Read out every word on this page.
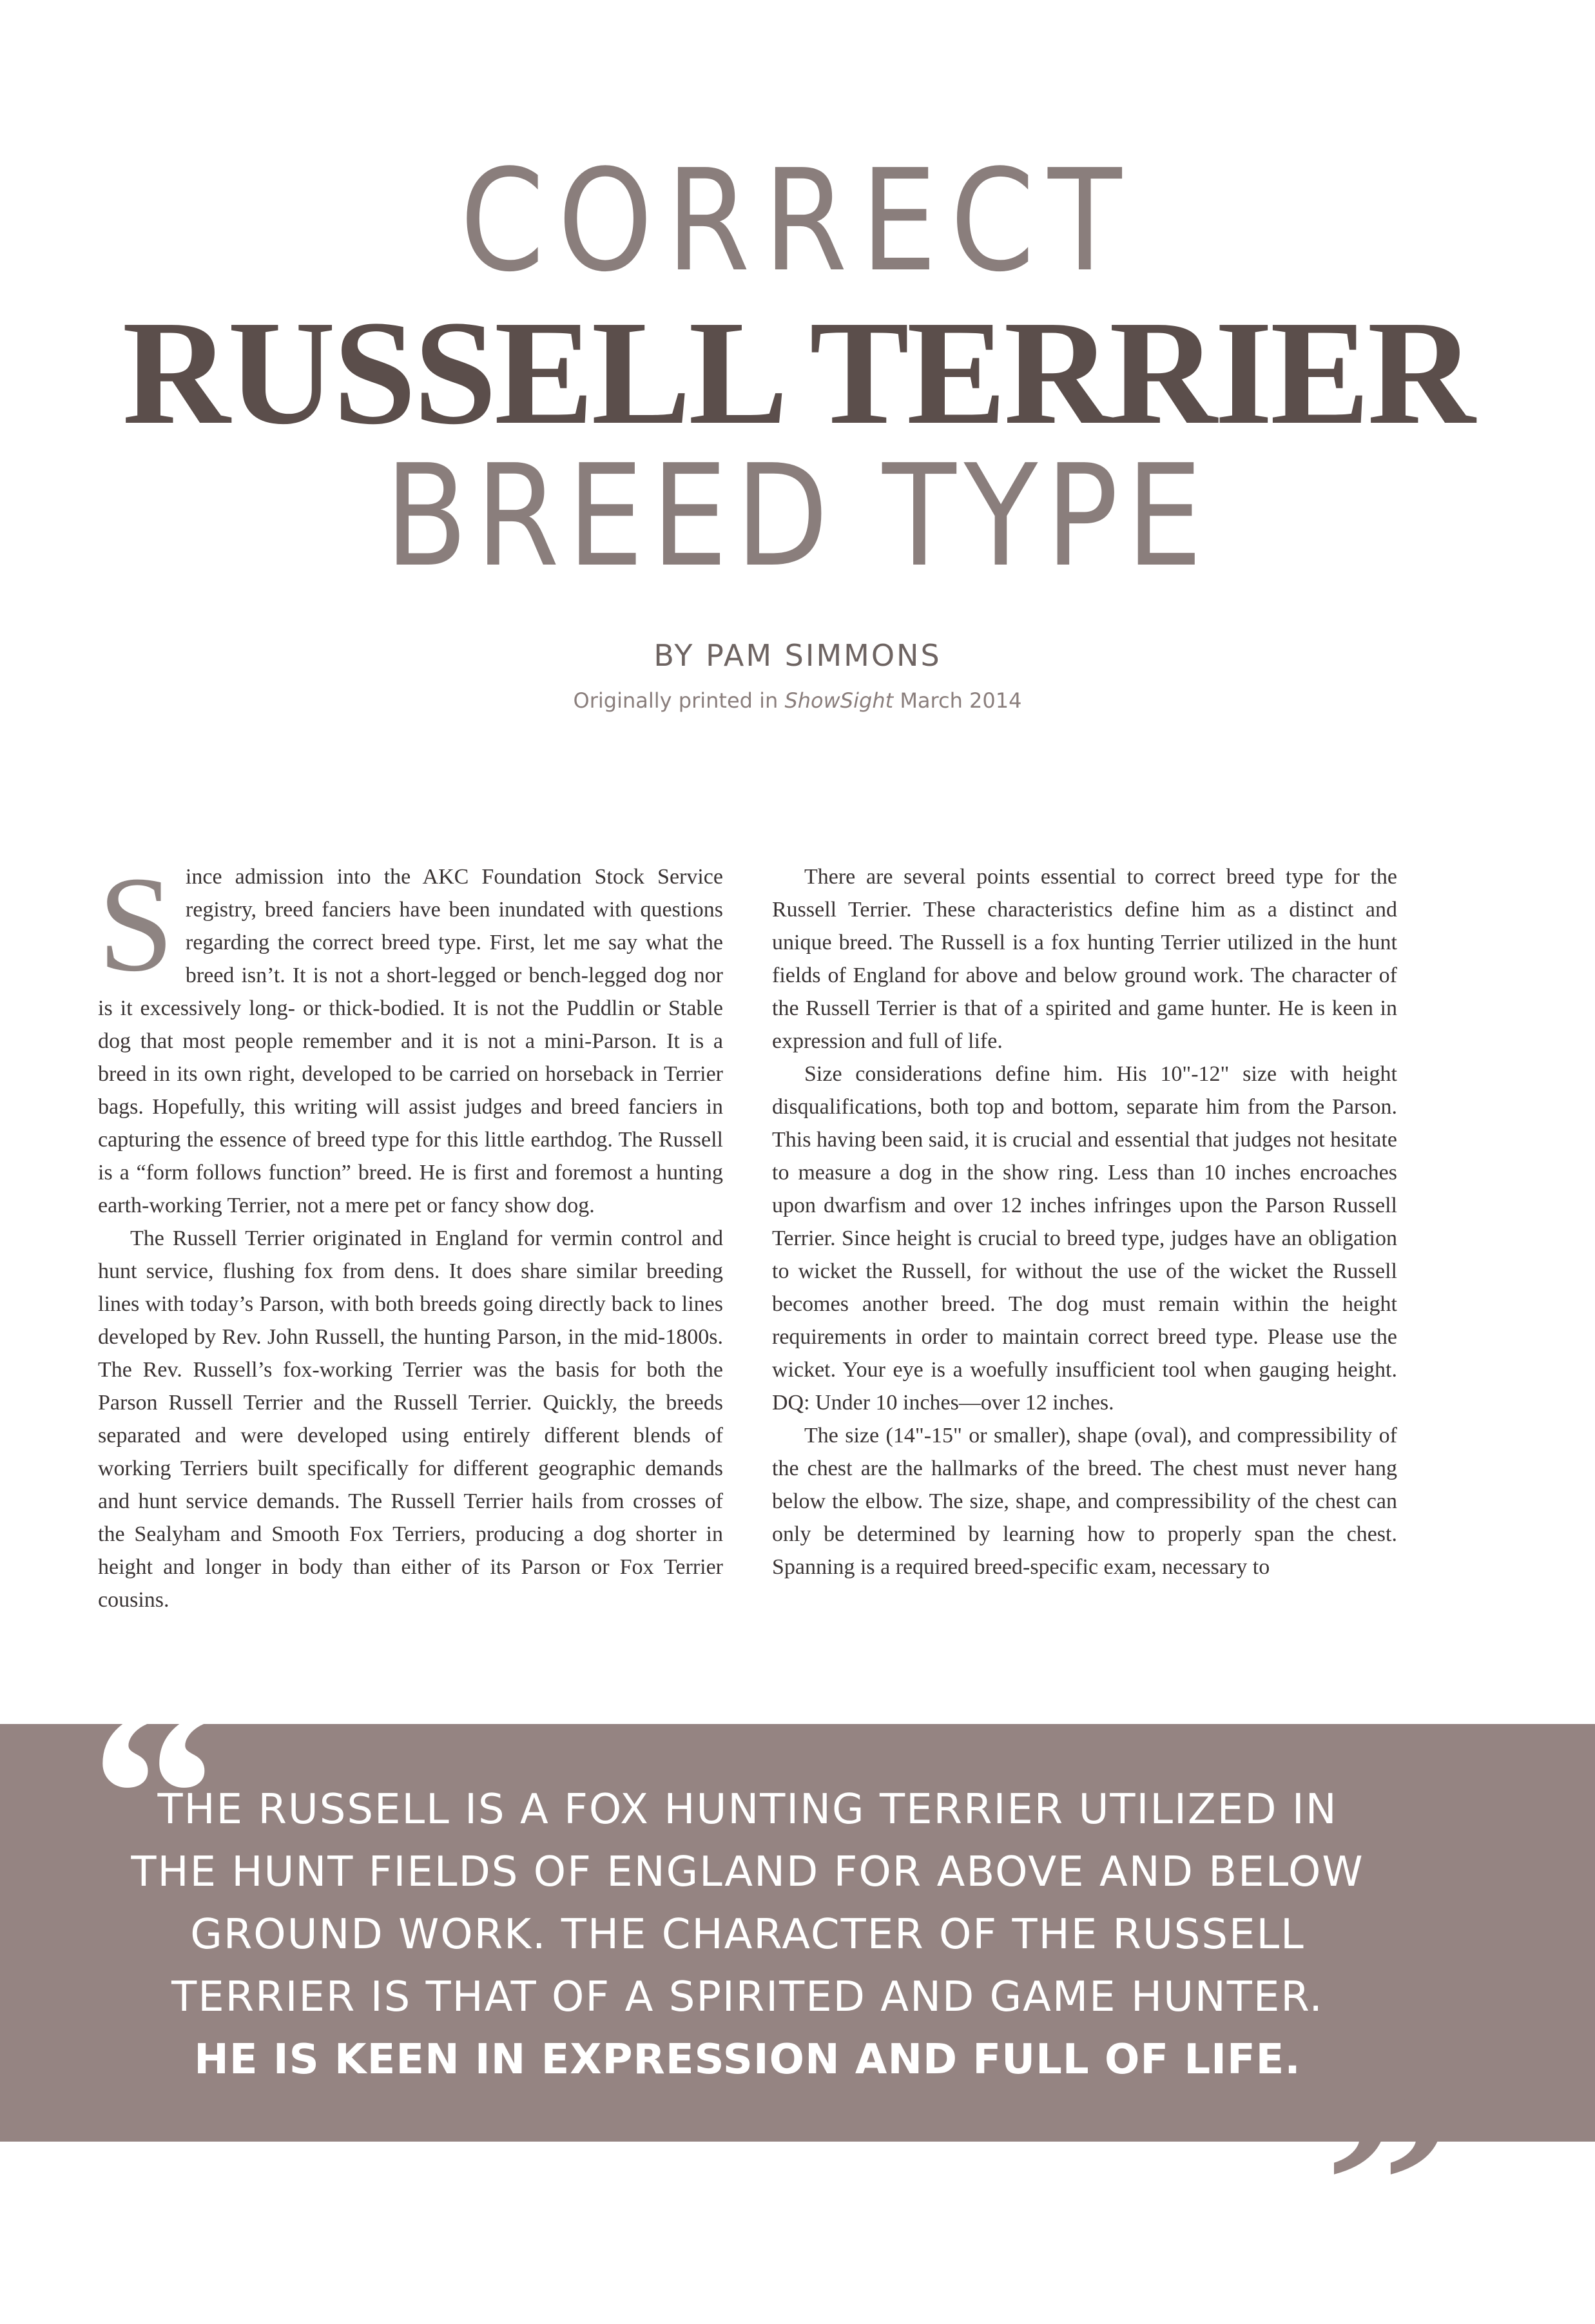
CORRECT
RUSSELL TERRIER
BREED TYPE
BY PAM SIMMONS
Originally printed in ShowSight March 2014

Since admission into the AKC Foundation Stock Service registry, breed fanciers have been inundated with questions regarding the correct breed type. First, let me say what the breed isn’t. It is not a short-legged or bench-legged dog nor is it excessively long- or thick-bodied. It is not the Puddlin or Stable dog that most people remember and it is not a mini-Parson. It is a breed in its own right, developed to be carried on horseback in Terrier bags. Hopefully, this writing will assist judges and breed fanciers in capturing the essence of breed type for this little earthdog. The Russell is a “form follows function” breed. He is first and foremost a hunting earth-working Terrier, not a mere pet or fancy show dog.

The Russell Terrier originated in England for vermin control and hunt service, flushing fox from dens. It does share similar breeding lines with today’s Parson, with both breeds going directly back to lines developed by Rev. John Russell, the hunting Parson, in the mid-1800s. The Rev. Russell’s fox-working Terrier was the basis for both the Parson Russell Terrier and the Russell Terrier. Quickly, the breeds separated and were developed using entirely different blends of working Terriers built specifically for different geographic demands and hunt service demands. The Russell Terrier hails from crosses of the Sealyham and Smooth Fox Terriers, producing a dog shorter in height and longer in body than either of its Parson or Fox Terrier cousins.

There are several points essential to correct breed type for the Russell Terrier. These characteristics define him as a distinct and unique breed. The Russell is a fox hunting Terrier utilized in the hunt fields of England for above and below ground work. The character of the Russell Terrier is that of a spirited and game hunter. He is keen in expression and full of life.

Size considerations define him. His 10"-12" size with height disqualifications, both top and bottom, separate him from the Parson. This having been said, it is crucial and essential that judges not hesitate to measure a dog in the show ring. Less than 10 inches encroaches upon dwarfism and over 12 inches infringes upon the Parson Russell Terrier. Since height is crucial to breed type, judges have an obligation to wicket the Russell, for without the use of the wicket the Russell becomes another breed. The dog must remain within the height requirements in order to maintain correct breed type. Please use the wicket. Your eye is a woefully insufficient tool when gauging height. DQ: Under 10 inches—over 12 inches.

The size (14"-15" or smaller), shape (oval), and compressibility of the chest are the hallmarks of the breed. The chest must never hang below the elbow. The size, shape, and compressibility of the chest can only be determined by learning how to properly span the chest. Spanning is a required breed-specific exam, necessary to

“
THE RUSSELL IS A FOX HUNTING TERRIER UTILIZED IN
THE HUNT FIELDS OF ENGLAND FOR ABOVE AND BELOW
GROUND WORK. THE CHARACTER OF THE RUSSELL
TERRIER IS THAT OF A SPIRITED AND GAME HUNTER.
HE IS KEEN IN EXPRESSION AND FULL OF LIFE. ”
